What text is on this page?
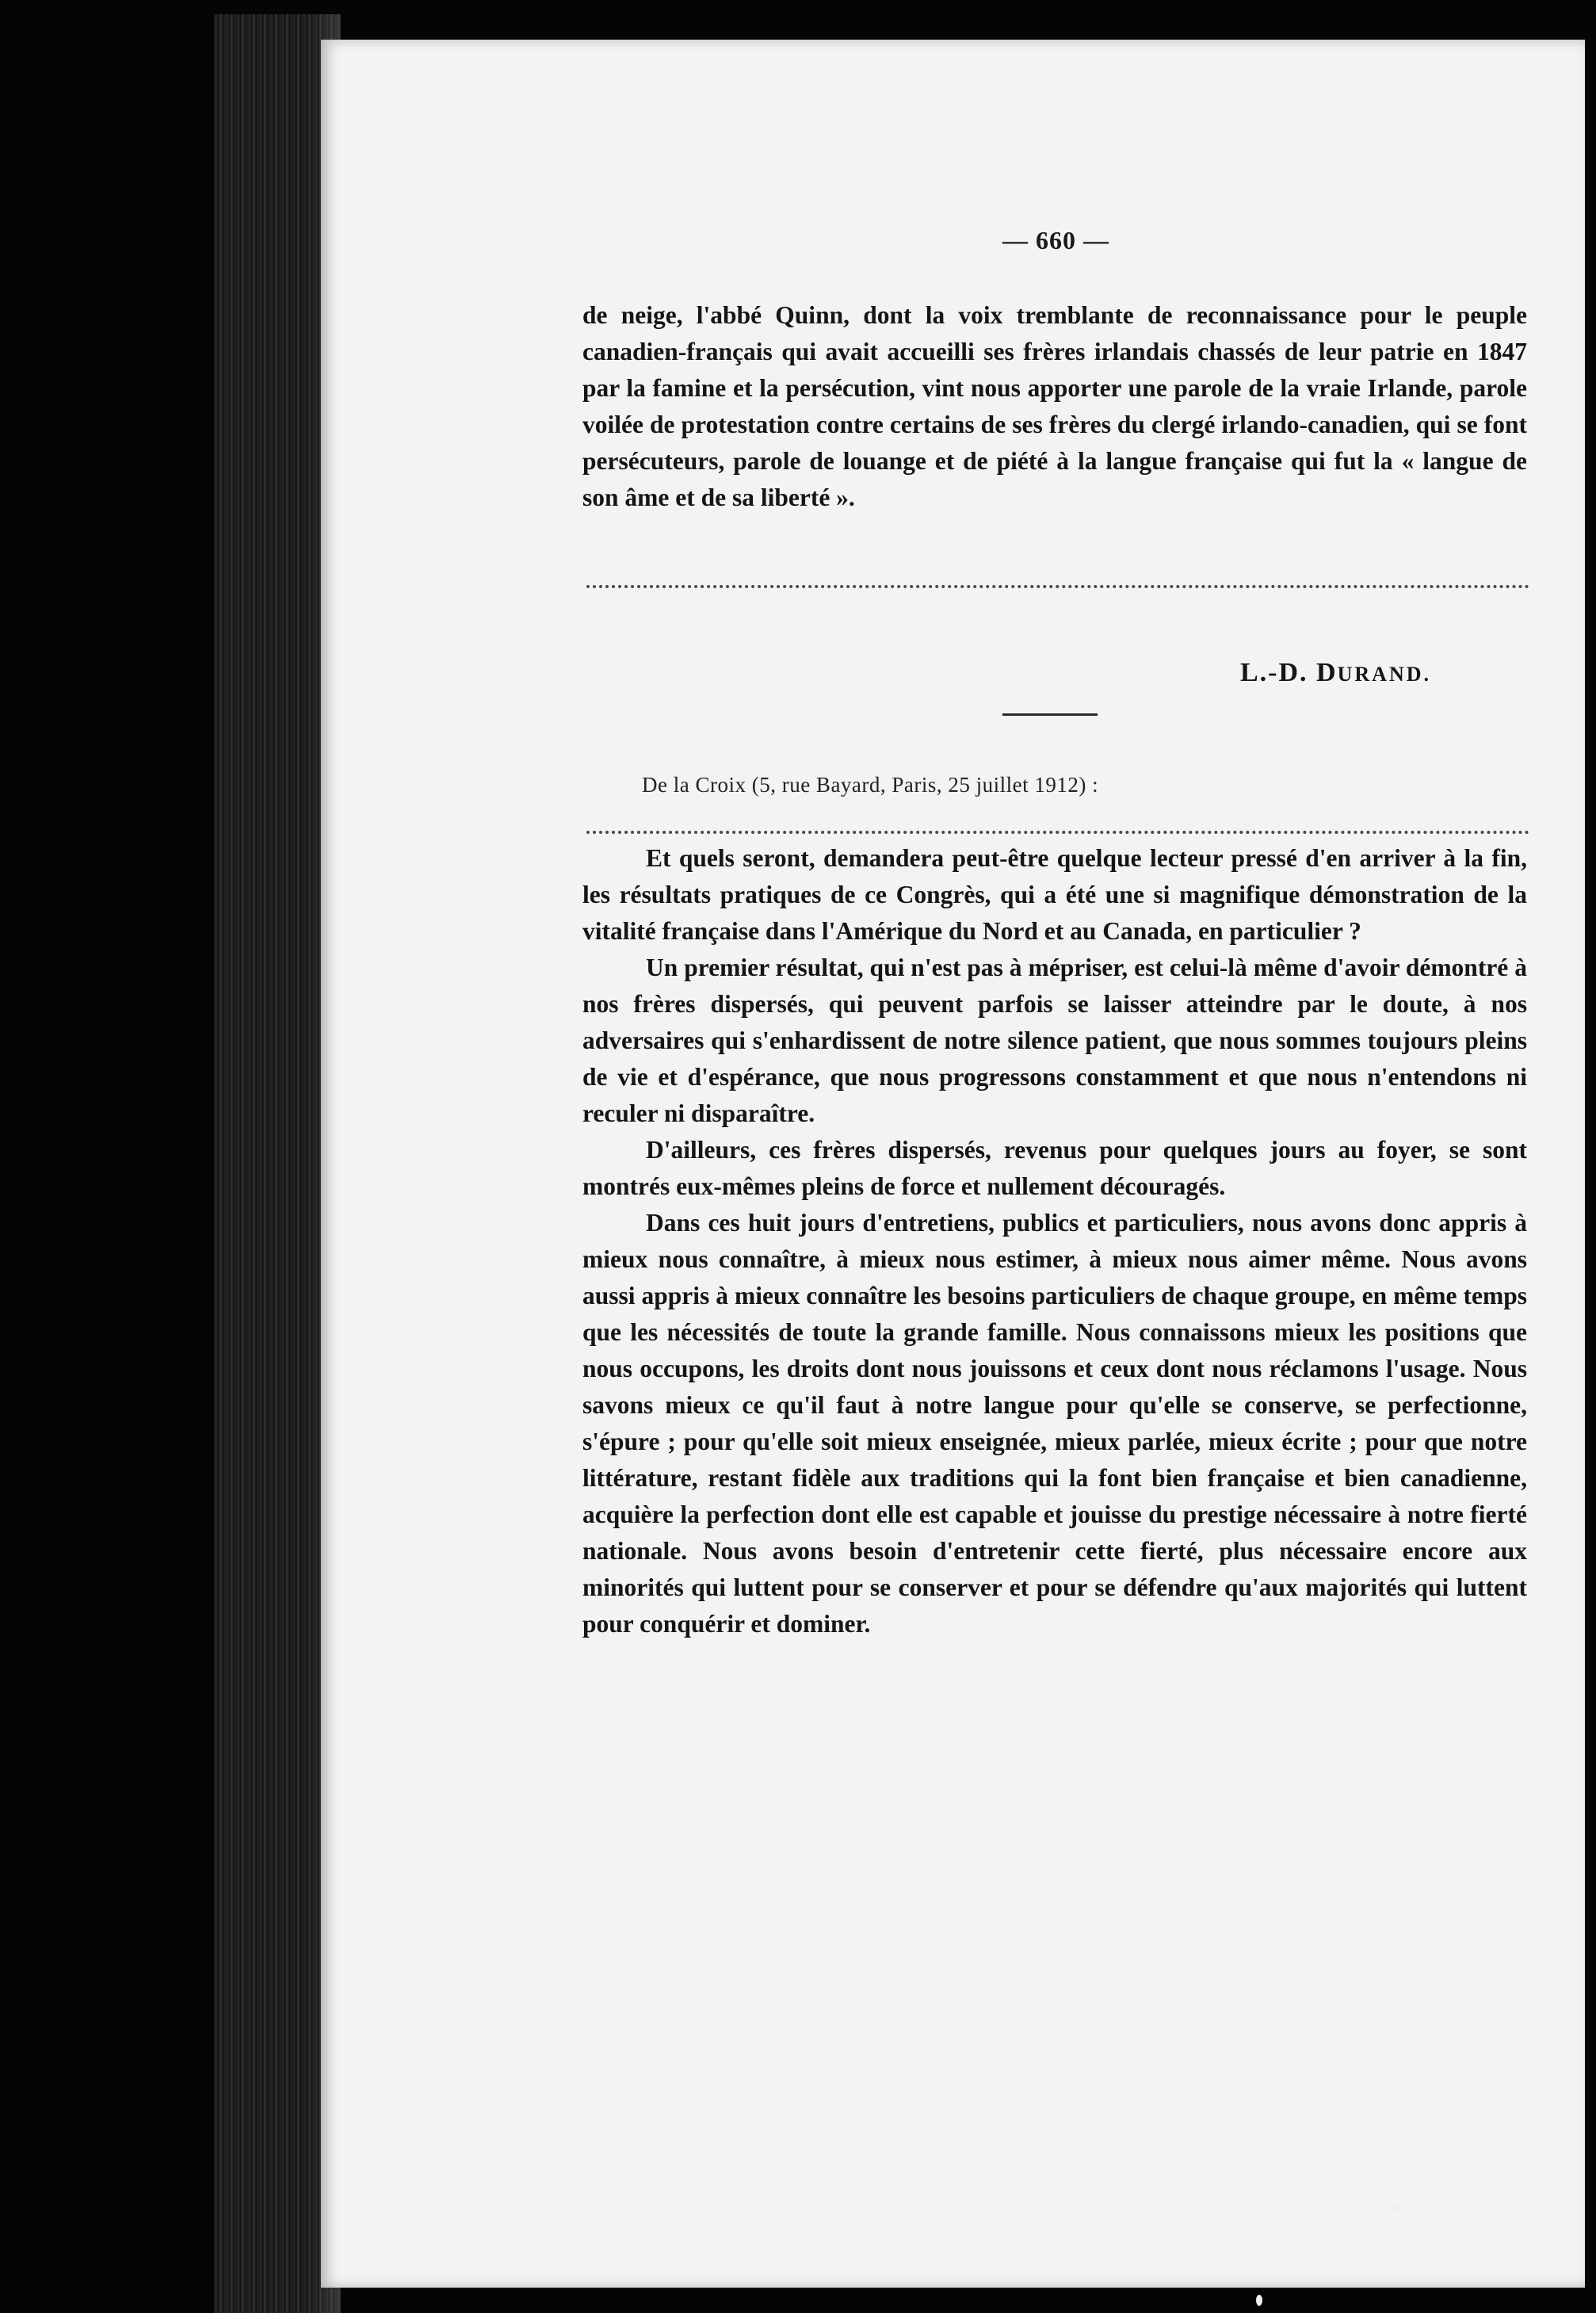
— 660 —

de neige, l'abbé Quinn, dont la voix tremblante de reconnaissance pour le peuple canadien-français qui avait accueilli ses frères irlandais chassés de leur patrie en 1847 par la famine et la persécution, vint nous apporter une parole de la vraie Irlande, parole voilée de protestation contre certains de ses frères du clergé irlando-canadien, qui se font persécuteurs, parole de louange et de piété à la langue française qui fut la « langue de son âme et de sa liberté ».

L.-D. DURAND.
De la Croix (5, rue Bayard, Paris, 25 juillet 1912) :

Et quels seront, demandera peut-être quelque lecteur pressé d'en arriver à la fin, les résultats pratiques de ce Congrès, qui a été une si magnifique démonstration de la vitalité française dans l'Amérique du Nord et au Canada, en particulier ?

Un premier résultat, qui n'est pas à mépriser, est celui-là même d'avoir démontré à nos frères dispersés, qui peuvent parfois se laisser atteindre par le doute, à nos adversaires qui s'enhardissent de notre silence patient, que nous sommes toujours pleins de vie et d'espérance, que nous progressons constamment et que nous n'entendons ni reculer ni disparaître.

D'ailleurs, ces frères dispersés, revenus pour quelques jours au foyer, se sont montrés eux-mêmes pleins de force et nullement découragés.

Dans ces huit jours d'entretiens, publics et particuliers, nous avons donc appris à mieux nous connaître, à mieux nous estimer, à mieux nous aimer même. Nous avons aussi appris à mieux connaître les besoins particuliers de chaque groupe, en même temps que les nécessités de toute la grande famille. Nous connaissons mieux les positions que nous occupons, les droits dont nous jouissons et ceux dont nous réclamons l'usage. Nous savons mieux ce qu'il faut à notre langue pour qu'elle se conserve, se perfectionne, s'épure ; pour qu'elle soit mieux enseignée, mieux parlée, mieux écrite ; pour que notre littérature, restant fidèle aux traditions qui la font bien française et bien canadienne, acquière la perfection dont elle est capable et jouisse du prestige nécessaire à notre fierté nationale. Nous avons besoin d'entretenir cette fierté, plus nécessaire encore aux minorités qui luttent pour se conserver et pour se défendre qu'aux majorités qui luttent pour conquérir et dominer.
